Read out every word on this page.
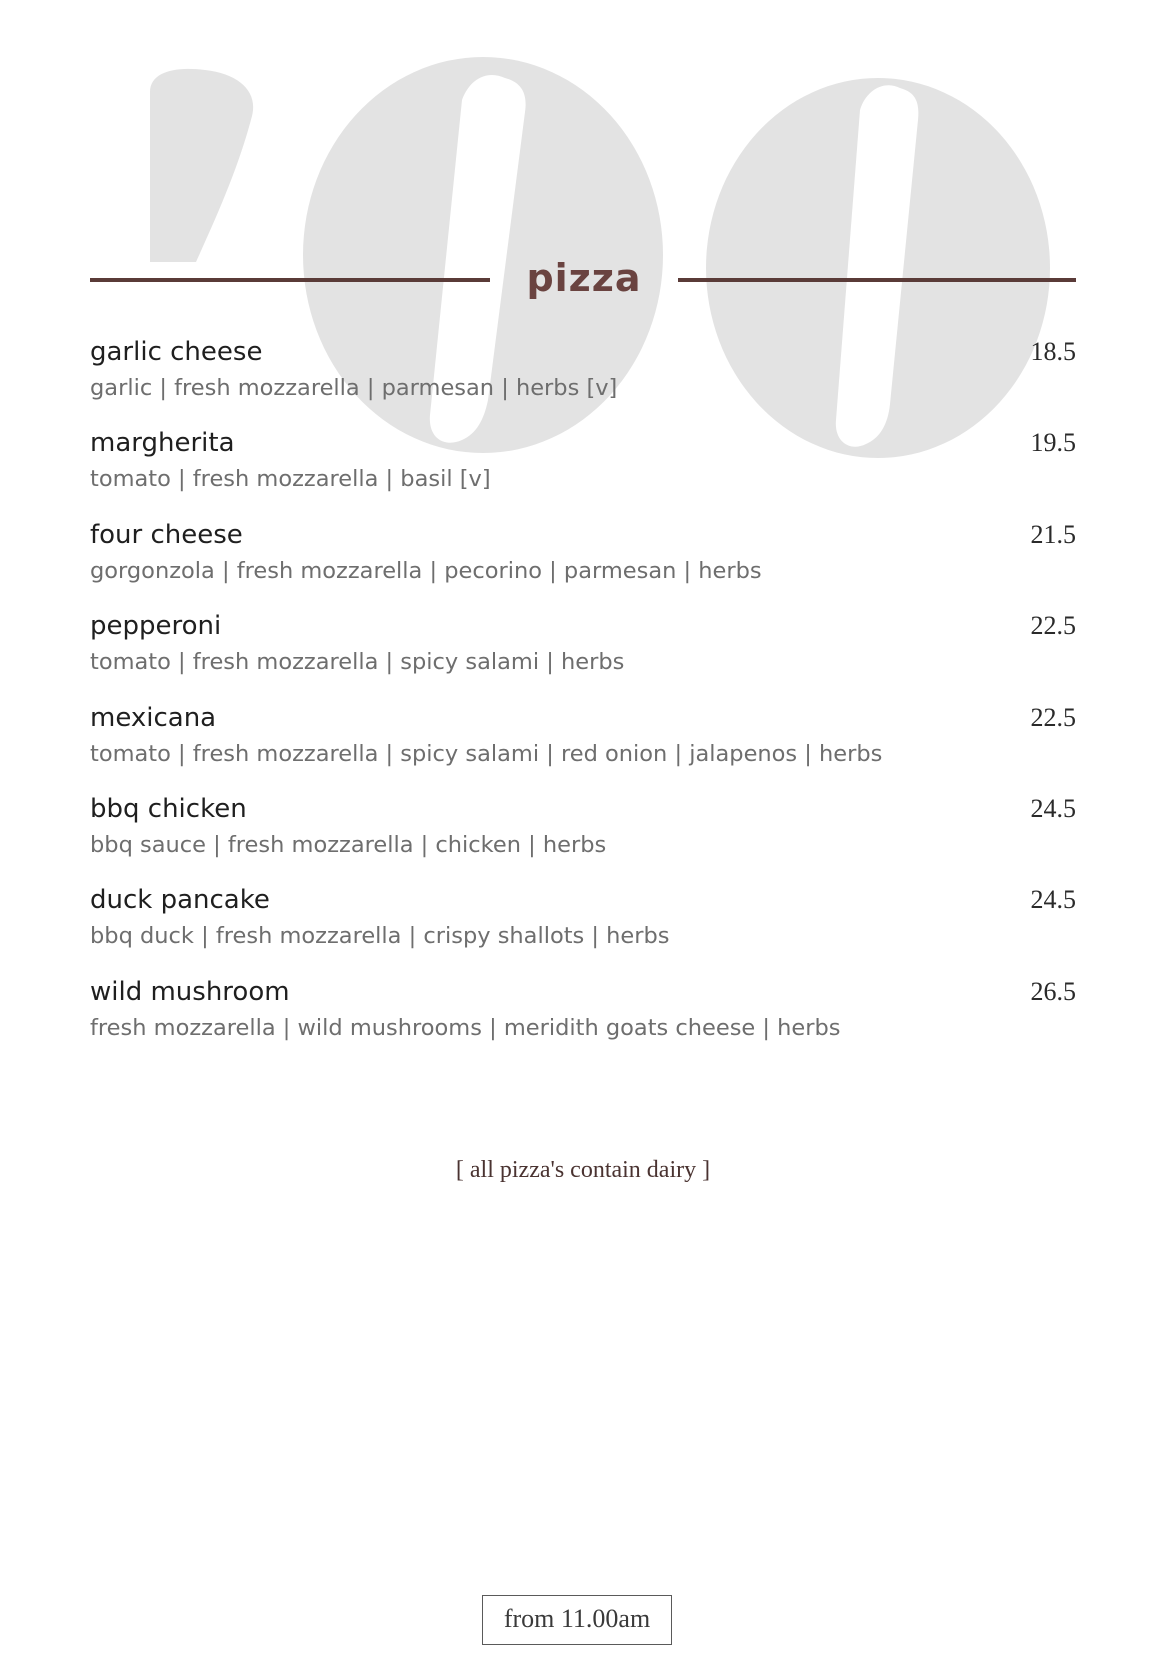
pizza
garlic cheese	18.5
garlic | fresh mozzarella | parmesan | herbs [v]
margherita	19.5
tomato | fresh mozzarella | basil [v]
four cheese	21.5
gorgonzola | fresh mozzarella | pecorino | parmesan | herbs
pepperoni	22.5
tomato | fresh mozzarella | spicy salami | herbs
mexicana	22.5
tomato | fresh mozzarella | spicy salami | red onion | jalapenos | herbs
bbq chicken	24.5
bbq sauce | fresh mozzarella | chicken | herbs
duck pancake	24.5
bbq duck | fresh mozzarella | crispy shallots | herbs
wild mushroom	26.5
fresh mozzarella | wild mushrooms | meridith goats cheese | herbs
[ all pizza's contain dairy ]
from 11.00am
